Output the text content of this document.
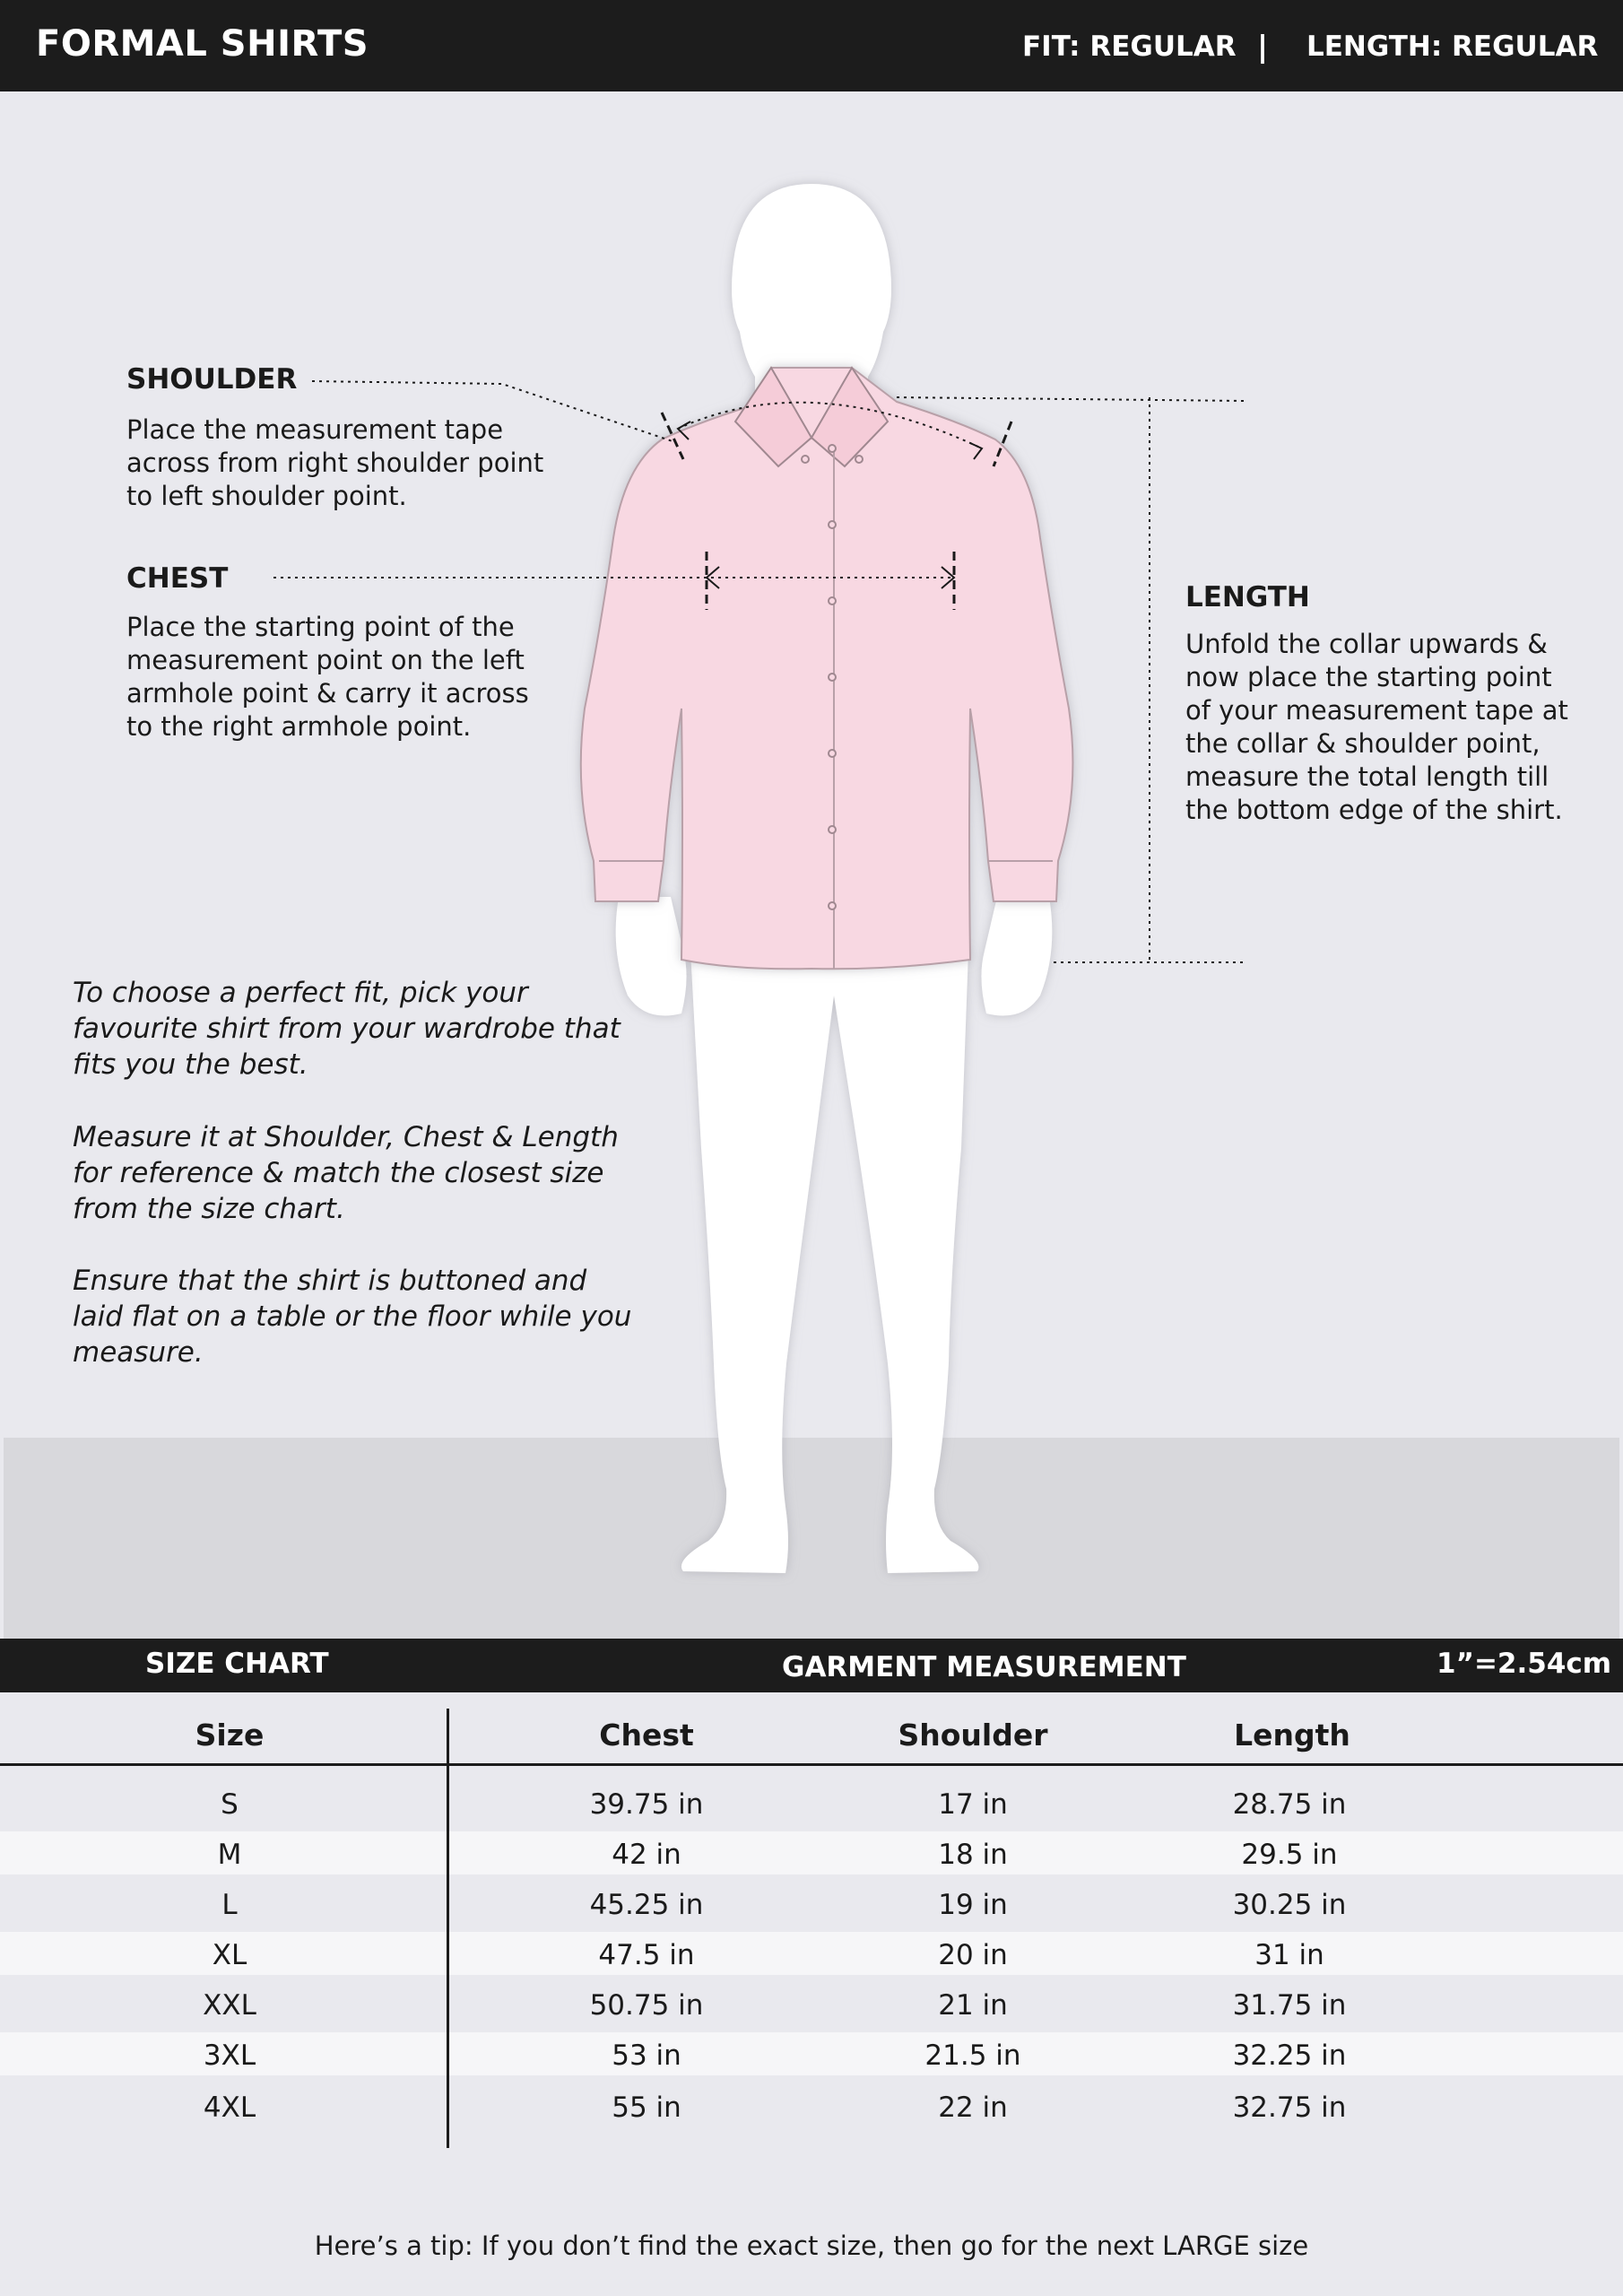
FORMAL SHIRTS	FIT: REGULAR | LENGTH: REGULAR
SHOULDER
Place the measurement tape
across from right shoulder point
to left shoulder point.
CHEST
Place the starting point of the
measurement point on the left
armhole point & carry it across
to the right armhole point.
LENGTH
Unfold the collar upwards &
now place the starting point
of your measurement tape at
the collar & shoulder point,
measure the total length till
the bottom edge of the shirt.
To choose a perfect fit, pick your
favourite shirt from your wardrobe that
fits you the best.
Measure it at Shoulder, Chest & Length
for reference & match the closest size
from the size chart.
Ensure that the shirt is buttoned and
laid flat on a table or the floor while you
measure.
SIZE CHART	GARMENT MEASUREMENT	1”=2.54cm
Size	Chest	Shoulder	Length
S	39.75 in	17 in	28.75 in
M	42 in	18 in	29.5 in
L	45.25 in	19 in	30.25 in
XL	47.5 in	20 in	31 in
XXL	50.75 in	21 in	31.75 in
3XL	53 in	21.5 in	32.25 in
4XL	55 in	22 in	32.75 in
Here’s a tip: If you don’t find the exact size, then go for the next LARGE size
